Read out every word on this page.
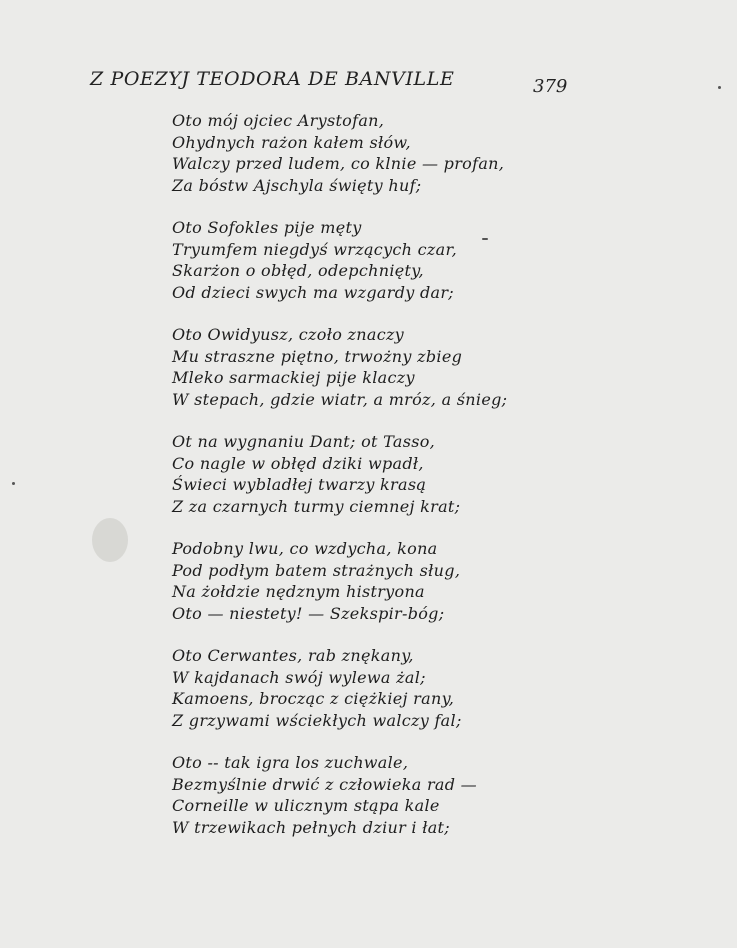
Z POEZYJ TEODORA DE BANVILLE	379
Oto mój ojciec Arystofan,
Ohydnych rażon kałem słów,
Walczy przed ludem, co klnie — profan,
Za bóstw Ajschyla święty huf;
Oto Sofokles pije męty
Tryumfem niegdyś wrzących czar,
Skarżon o obłęd, odepchnięty,
Od dzieci swych ma wzgardy dar;
Oto Owidyusz, czoło znaczy
Mu straszne piętno, trwożny zbieg
Mleko sarmackiej pije klaczy
W stepach, gdzie wiatr, a mróz, a śnieg;
Ot na wygnaniu Dant; ot Tasso,
Co nagle w obłęd dziki wpadł,
Świeci wybladłej twarzy krasą
Z za czarnych turmy ciemnej krat;
Podobny lwu, co wzdycha, kona
Pod podłym batem strażnych sług,
Na żołdzie nędznym histryona
Oto — niestety! — Szekspir-bóg;
Oto Cerwantes, rab znękany,
W kajdanach swój wylewa żal;
Kamoens, brocząc z ciężkiej rany,
Z grzywami wściekłych walczy fal;
Oto -- tak igra los zuchwale,
Bezmyślnie drwić z człowieka rad —
Corneille w ulicznym stąpa kale
W trzewikach pełnych dziur i łat;
